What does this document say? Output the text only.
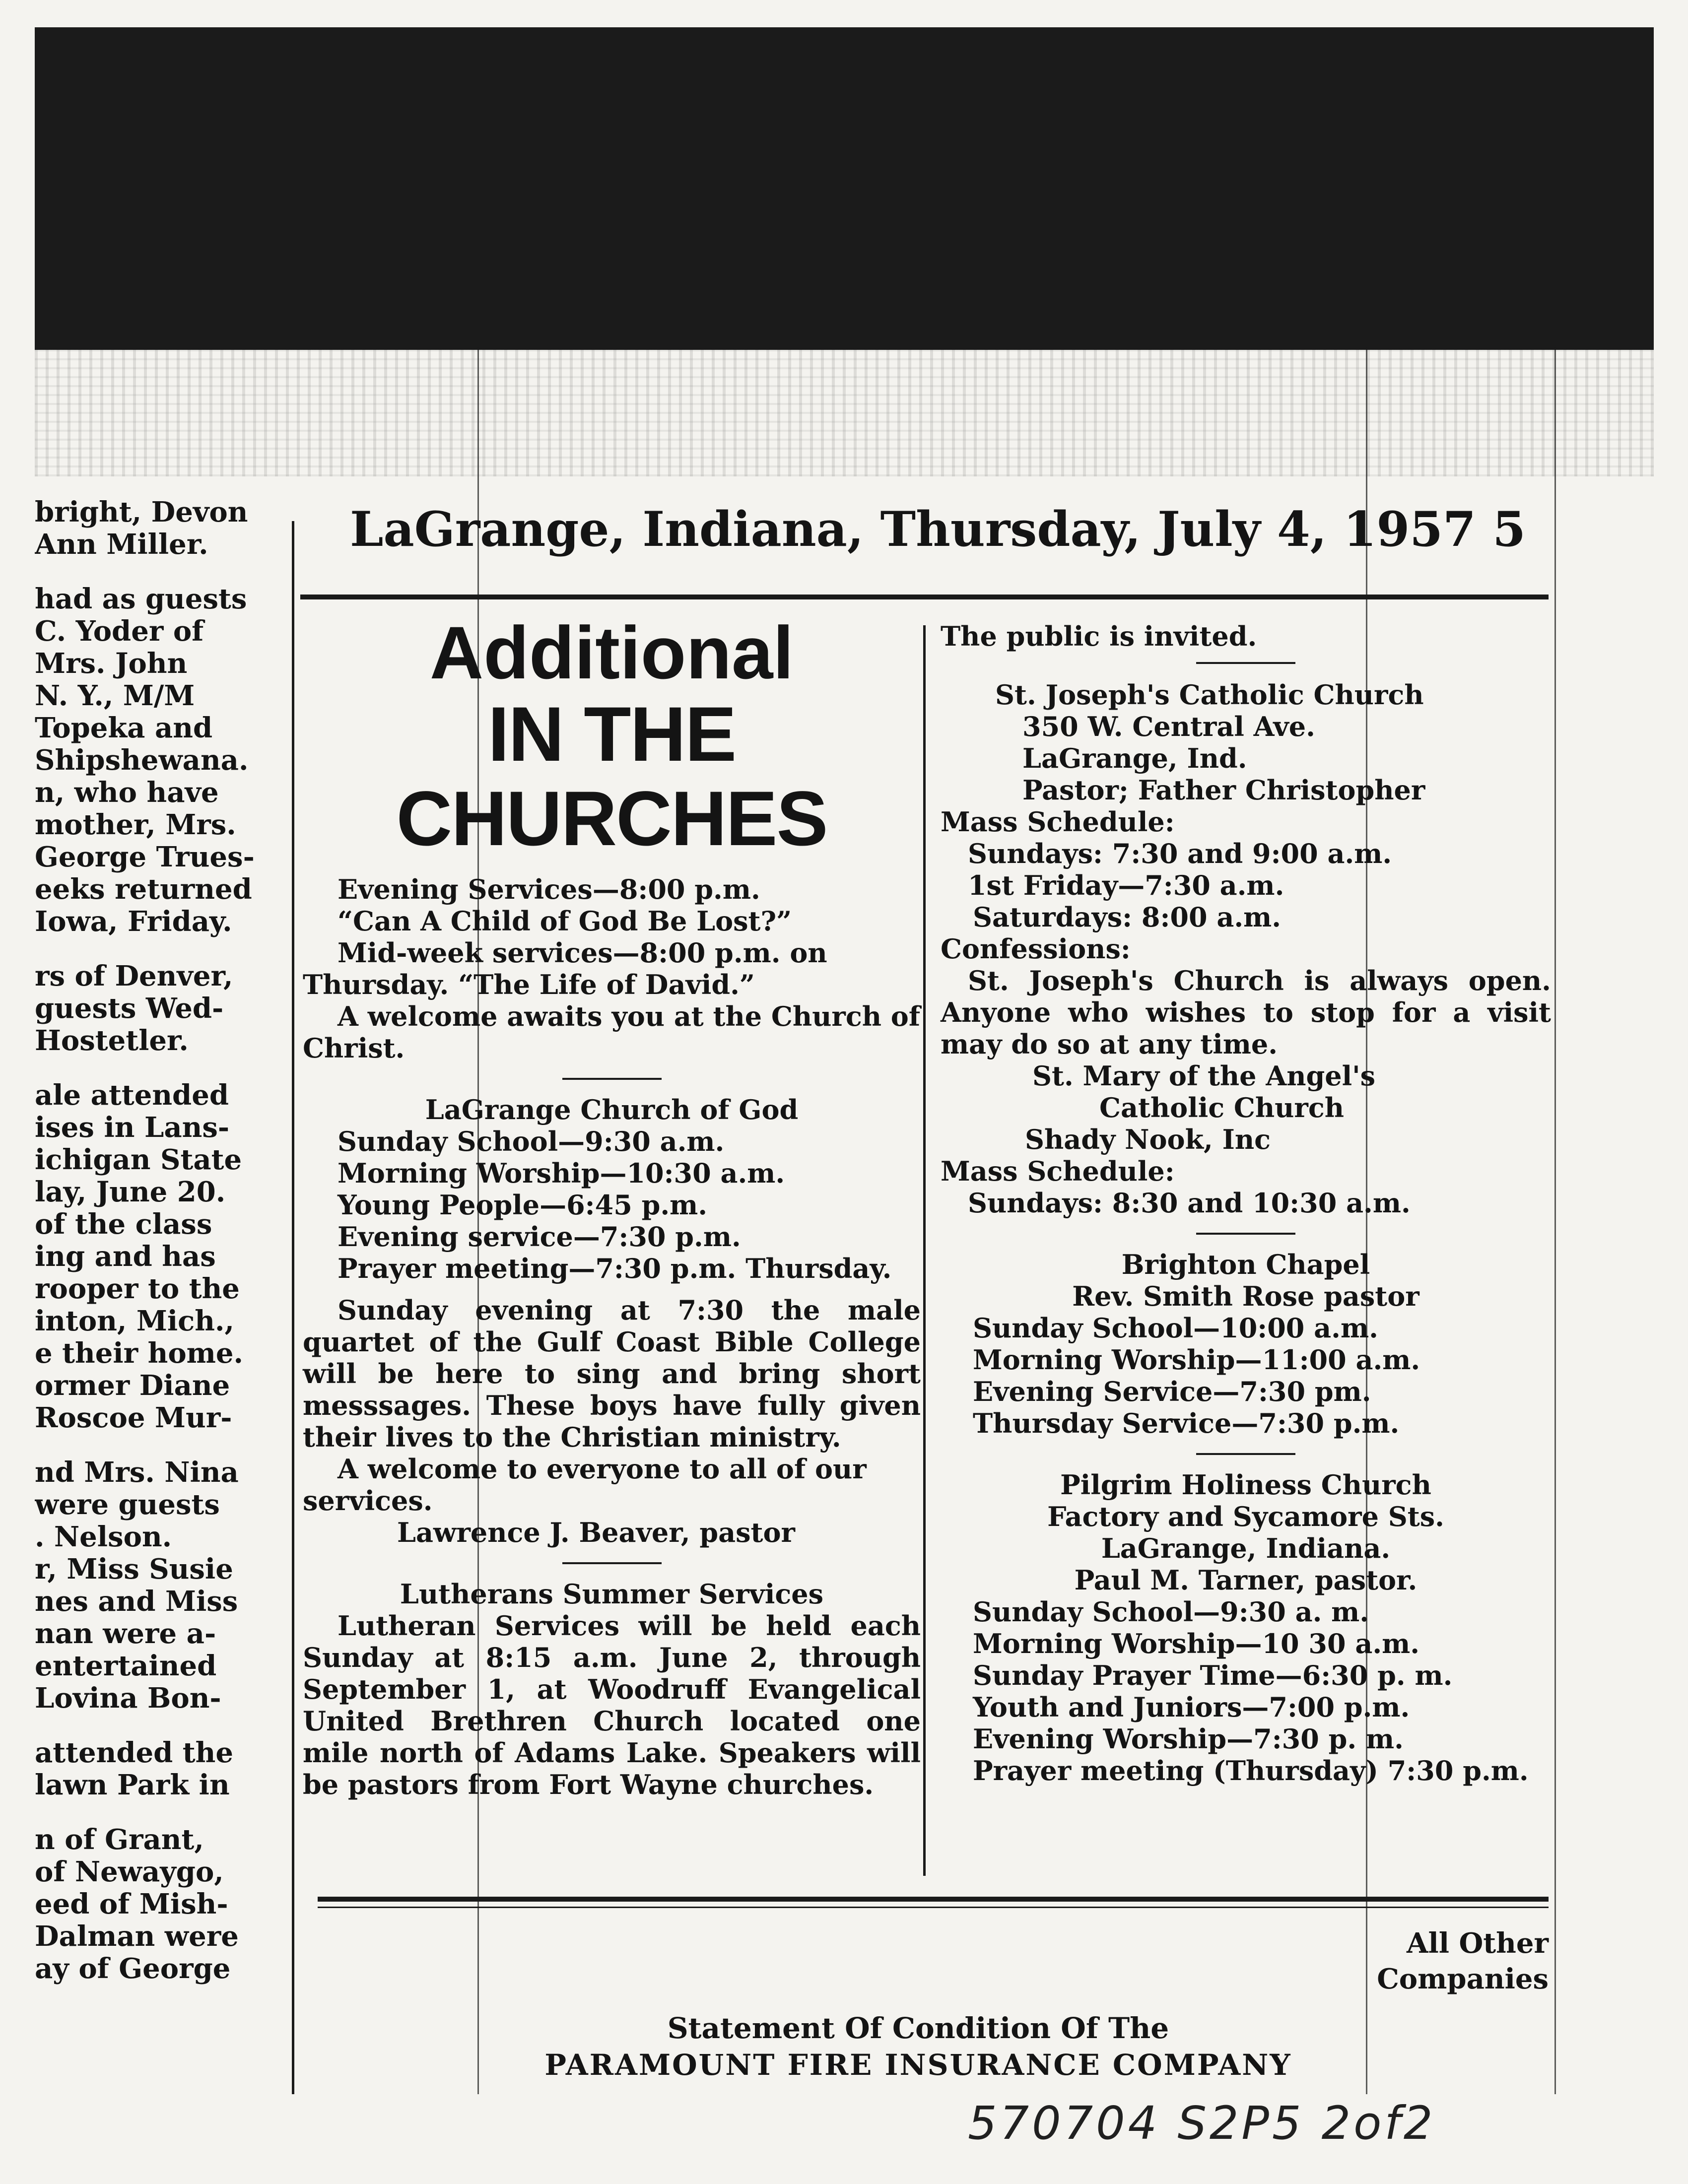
LaGrange, Indiana, Thursday, July 4, 1957 5
bright, Devon
Ann Miller.
had as guests
C. Yoder of
Mrs. John
N. Y., M/M
Topeka and
Shipshewana.
n, who have
mother, Mrs.
George Trues-
eeks returned
Iowa, Friday.
rs of Denver,
guests Wed-
Hostetler.
ale attended
ises in Lans-
ichigan State
lay, June 20.
of the class
ing and has
rooper to the
inton, Mich.,
e their home.
ormer Diane
Roscoe Mur-
nd Mrs. Nina
were guests
. Nelson.
r, Miss Susie
nes and Miss
nan were a-
entertained
Lovina Bon-
attended the
lawn Park in
n of Grant,
of Newaygo,
eed of Mish-
Dalman were
ay of George
Additional
IN THE CHURCHES

Evening Services—8:00 p.m.

“Can A Child of God Be Lost?”

Mid-week services—8:00 p.m. on Thursday. “The Life of David.”

A welcome awaits you at the Church of Christ.

LaGrange Church of God

Sunday School—9:30 a.m.

Morning Worship—10:30 a.m.

Young People—6:45 p.m.

Evening service—7:30 p.m.

Prayer meeting—7:30 p.m. Thursday.

Sunday evening at 7:30 the male quartet of the Gulf Coast Bible College will be here to sing and bring short messsages. These boys have fully given their lives to the Christian ministry.

A welcome to everyone to all of our services.

Lawrence J. Beaver, pastor

Lutherans Summer Services

Lutheran Services will be held each Sunday at 8:15 a.m. June 2, through September 1, at Woodruff Evangelical United Brethren Church located one mile north of Adams Lake. Speakers will be pastors from Fort Wayne churches.

The public is invited.

St. Joseph's Catholic Church

350 W. Central Ave.

LaGrange, Ind.

Pastor; Father Christopher

Mass Schedule:

Sundays: 7:30 and 9:00 a.m.

1st Friday—7:30 a.m.

Saturdays: 8:00 a.m.

Confessions:

St. Joseph's Church is always open. Anyone who wishes to stop for a visit may do so at any time.

St. Mary of the Angel's

Catholic Church

Shady Nook, Inc

Mass Schedule:

Sundays: 8:30 and 10:30 a.m.

Brighton Chapel

Rev. Smith Rose pastor

Sunday School—10:00 a.m.

Morning Worship—11:00 a.m.

Evening Service—7:30 pm.

Thursday Service—7:30 p.m.

Pilgrim Holiness Church

Factory and Sycamore Sts.

LaGrange, Indiana.

Paul M. Tarner, pastor.

Sunday School—9:30 a. m.

Morning Worship—10 30 a.m.

Sunday Prayer Time—6:30 p. m.

Youth and Juniors—7:00 p.m.

Evening Worship—7:30 p. m.

Prayer meeting (Thursday) 7:30 p.m.

All Other
Companies
Statement Of Condition Of The
PARAMOUNT FIRE INSURANCE COMPANY
570704 S2P5 2of2
